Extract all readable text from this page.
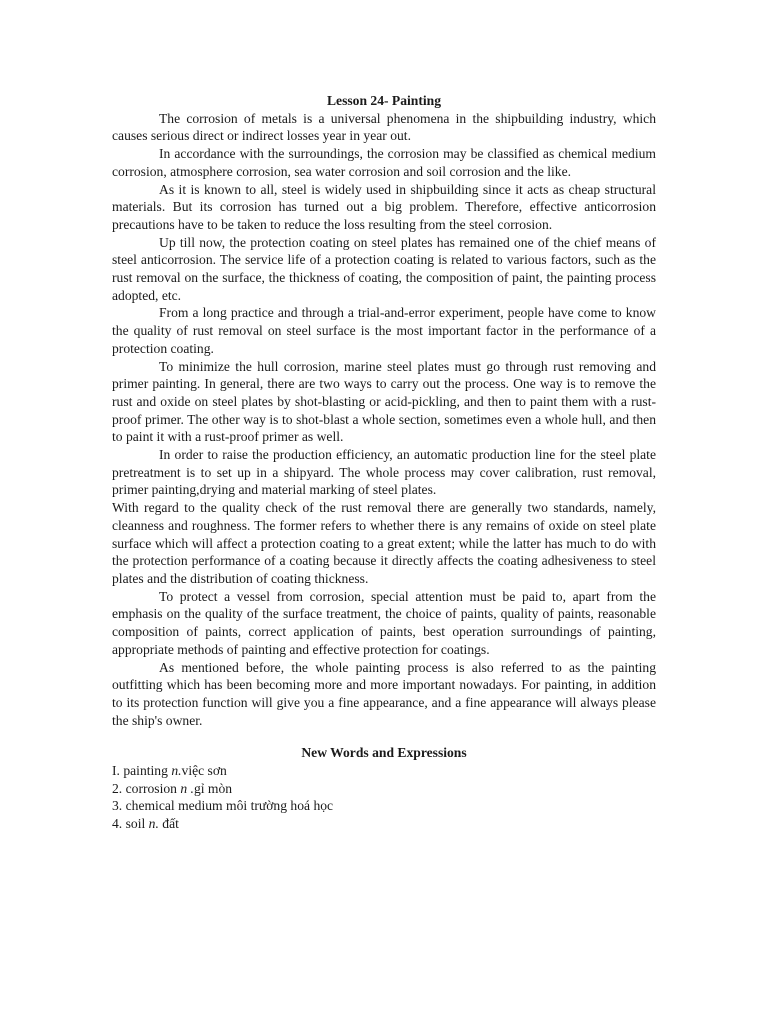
Lesson 24- Painting

The corrosion of metals is a universal phenomena in the shipbuilding industry, which causes serious direct or indirect losses year in year out.

In accordance with the surroundings, the corrosion may be classified as chemical medium corrosion, atmosphere corrosion, sea water corrosion and soil corrosion and the like.

As it is known to all, steel is widely used in shipbuilding since it acts as cheap structural materials. But its corrosion has turned out a big problem. Therefore, effective anticorrosion precautions have to be taken to reduce the loss resulting from the steel corrosion.

Up till now, the protection coating on steel plates has remained one of the chief means of steel anticorrosion. The service life of a protection coating is related to various factors, such as the rust removal on the surface, the thickness of coating, the composition of paint, the painting process adopted, etc.

From a long practice and through a trial-and-error experiment, people have come to know the quality of rust removal on steel surface is the most important factor in the performance of a protection coating.

To minimize the hull corrosion, marine steel plates must go through rust removing and primer painting. In general, there are two ways to carry out the process. One way is to remove the rust and oxide on steel plates by shot-blasting or acid-pickling, and then to paint them with a rust-proof primer. The other way is to shot-blast a whole section, sometimes even a whole hull, and then to paint it with a rust-proof primer as well.

In order to raise the production efficiency, an automatic production line for the steel plate pretreatment is to set up in a shipyard. The whole process may cover calibration, rust removal, primer painting,drying and material marking of steel plates.

With regard to the quality check of the rust removal there are generally two standards, namely, cleanness and roughness. The former refers to whether there is any remains of oxide on steel plate surface which will affect a protection coating to a great extent; while the latter has much to do with the protection performance of a coating because it directly affects the coating adhesiveness to steel plates and the distribution of coating thickness.

To protect a vessel from corrosion, special attention must be paid to, apart from the emphasis on the quality of the surface treatment, the choice of paints, quality of paints, reasonable composition of paints, correct application of paints, best operation surroundings of painting, appropriate methods of painting and effective protection for coatings.

As mentioned before, the whole painting process is also referred to as the painting outfitting which has been becoming more and more important nowadays. For painting, in addition to its protection function will give you a fine appearance, and a fine appearance will always please the ship's owner.

New Words and Expressions
I. painting n.việc sơn
2. corrosion n .gỉ mòn
3. chemical medium môi trường hoá học
4. soil n. đất
